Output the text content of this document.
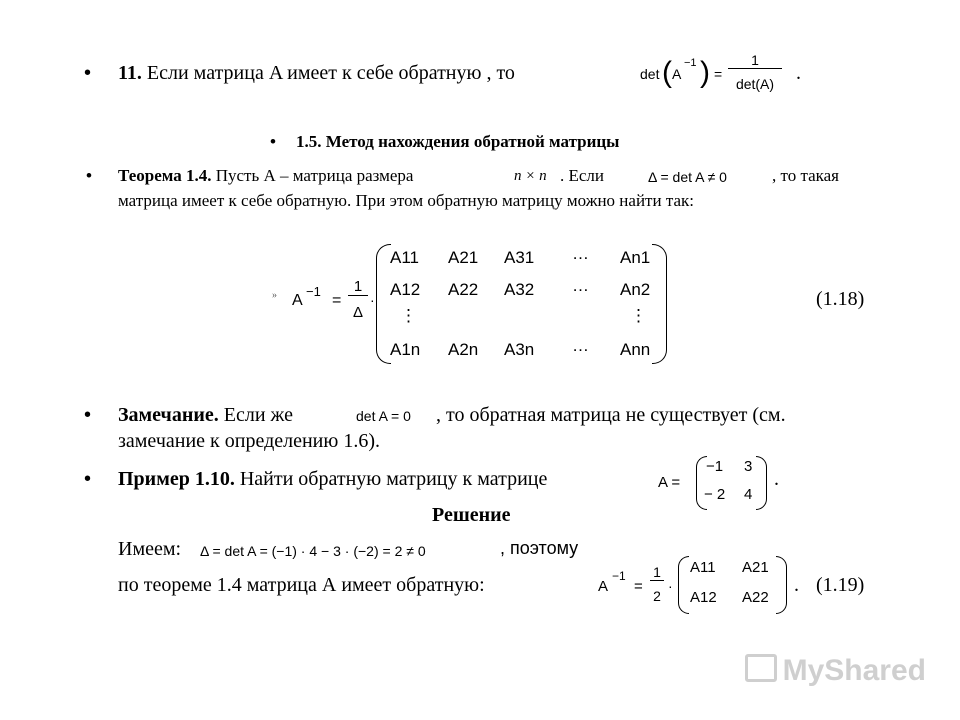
• 11. Если матрица A имеет к себе обратную , то	det ( A
−1 ) =
1
det(A)	.
• 1.5. Метод нахождения обратной матрицы
• Теорема 1.4. Пусть А – матрица размера	n × n . Если	Δ = det A ≠ 0	, то такая
матрица имеет к себе обратную. При этом обратную матрицу можно найти так:
» A
−1
=
1
Δ
·
A11 A21 A31 … An1
A12 A22 A32 … An2
⋮	⋮
A1n A2n A3n … Ann
(1.18)
• Замечание. Если же	det A = 0 , то обратная матрица не существует (см.
замечание к определению 1.6).
• Пример 1.10. Найти обратную матрицу к матрице	A =
−1 3
− 2 4
.
Решение
Имеем: Δ = det A = (−1) · 4 − 3 · (−2) = 2 ≠ 0	, поэтому
по теореме 1.4 матрица А имеет обратную:	A
−1
=
1
2
·
A11 A21
A12 A22
. (1.19)
MyShared
